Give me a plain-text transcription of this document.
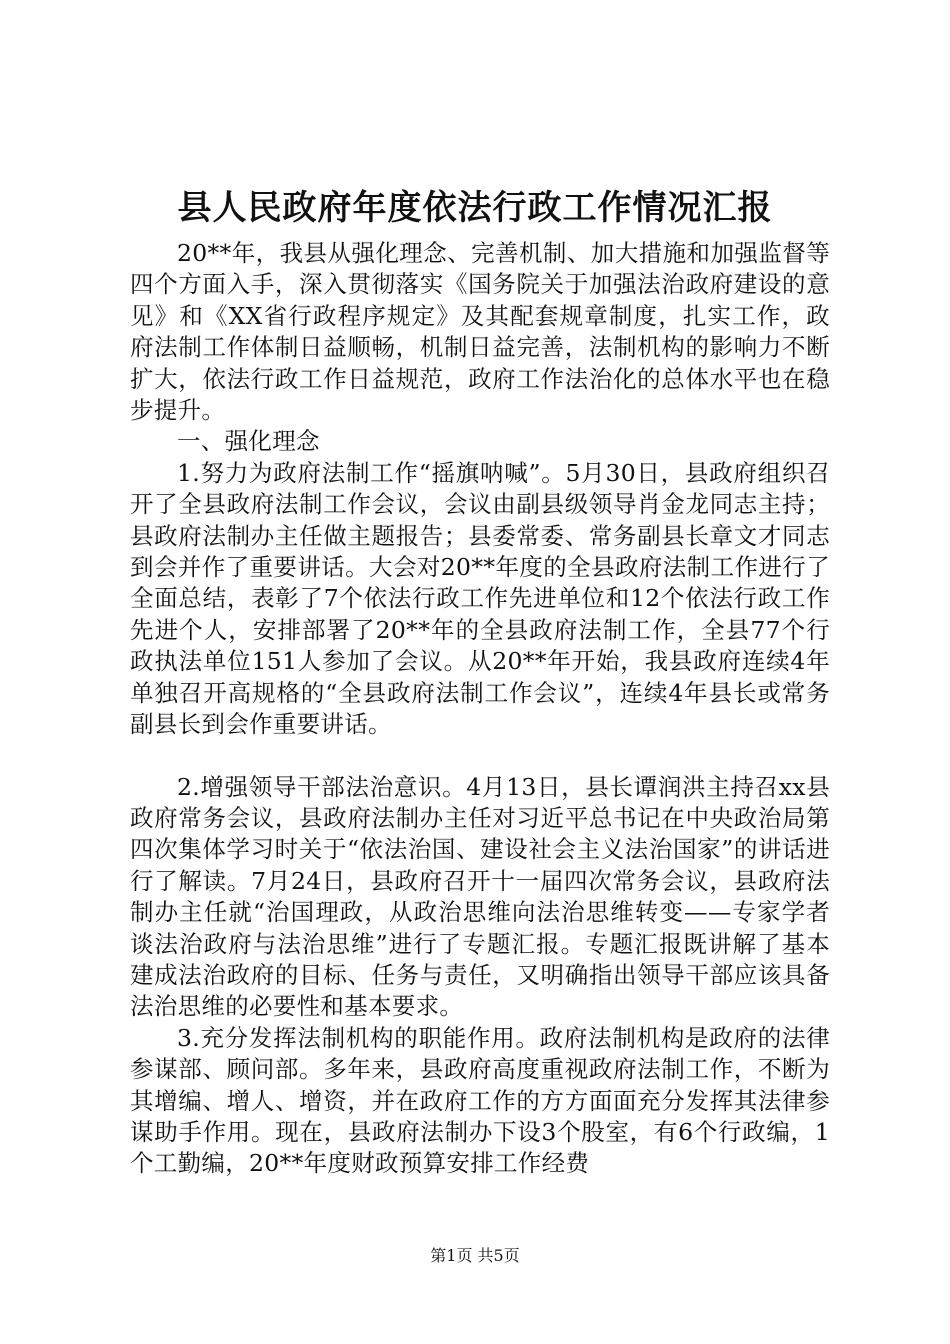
县人民政府年度依法行政工作情况汇报

20**年，我县从强化理念、完善机制、加大措施和加强监督等四个方面入手，深入贯彻落实《国务院关于加强法治政府建设的意见》和《XX省行政程序规定》及其配套规章制度，扎实工作，政府法制工作体制日益顺畅，机制日益完善，法制机构的影响力不断扩大，依法行政工作日益规范，政府工作法治化的总体水平也在稳步提升。

一、强化理念

1.努力为政府法制工作“摇旗呐喊”。5月30日，县政府组织召开了全县政府法制工作会议，会议由副县级领导肖金龙同志主持；县政府法制办主任做主题报告；县委常委、常务副县长章文才同志到会并作了重要讲话。大会对20**年度的全县政府法制工作进行了全面总结，表彰了7个依法行政工作先进单位和12个依法行政工作先进个人，安排部署了20**年的全县政府法制工作，全县77个行政执法单位151人参加了会议。从20**年开始，我县政府连续4年单独召开高规格的“全县政府法制工作会议”，连续4年县长或常务副县长到会作重要讲话。

2.增强领导干部法治意识。4月13日，县长谭润洪主持召xx县政府常务会议，县政府法制办主任对习近平总书记在中央政治局第四次集体学习时关于“依法治国、建设社会主义法治国家”的讲话进行了解读。7月24日，县政府召开十一届四次常务会议，县政府法制办主任就“治国理政，从政治思维向法治思维转变——专家学者谈法治政府与法治思维”进行了专题汇报。专题汇报既讲解了基本建成法治政府的目标、任务与责任，又明确指出领导干部应该具备法治思维的必要性和基本要求。

3.充分发挥法制机构的职能作用。政府法制机构是政府的法律参谋部、顾问部。多年来，县政府高度重视政府法制工作，不断为其增编、增人、增资，并在政府工作的方方面面充分发挥其法律参谋助手作用。现在，县政府法制办下设3个股室，有6个行政编，1个工勤编，20**年度财政预算安排工作经费

第1页 共5页
